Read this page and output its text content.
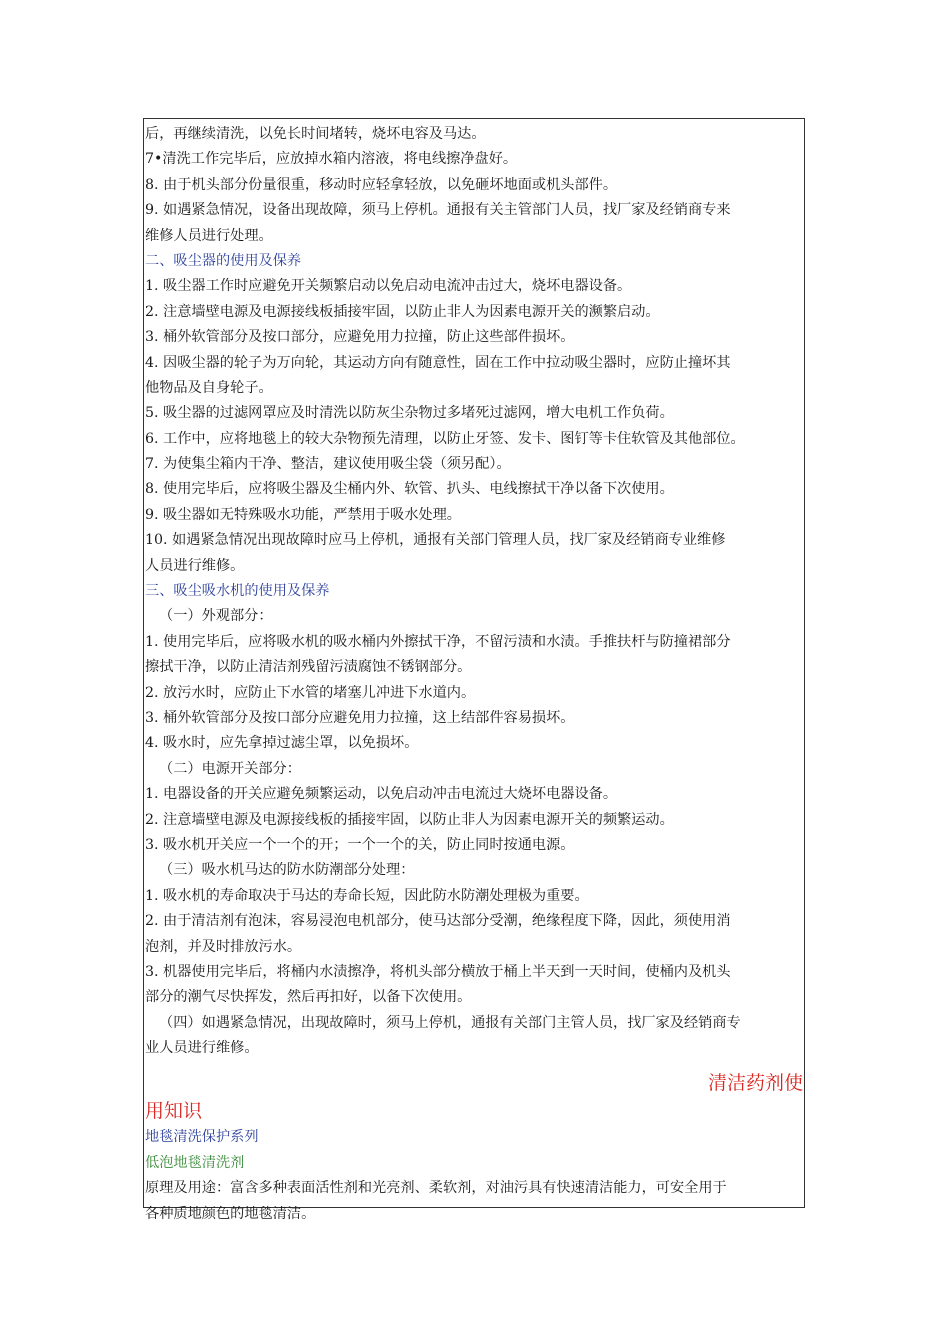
后，再继续清洗，以免长时间堵转，烧坏电容及马达。
7•清洗工作完毕后，应放掉水箱内溶液，将电线擦净盘好。
8. 由于机头部分份量很重，移动时应轻拿轻放，以免砸坏地面或机头部件。
9. 如遇紧急情况，设备出现故障，须马上停机。通报有关主管部门人员，找厂家及经销商专来
维修人员进行处理。
二、吸尘器的使用及保养
1. 吸尘器工作时应避免开关频繁启动以免启动电流冲击过大，烧坏电器设备。
2. 注意墙壁电源及电源接线板插接牢固，以防止非人为因素电源开关的濒繁启动。
3. 桶外软管部分及按口部分，应避免用力拉撞，防止这些部件损坏。
4. 因吸尘器的轮子为万向轮，其运动方向有随意性，固在工作中拉动吸尘器时，应防止撞坏其
他物品及自身轮子。
5. 吸尘器的过滤网罩应及时清洗以防灰尘杂物过多堵死过滤网，增大电机工作负荷。
6. 工作中，应将地毯上的较大杂物预先清理，以防止牙签、发卡、图钉等卡住软管及其他部位。
7. 为使集尘箱内干净、整洁，建议使用吸尘袋（须另配）。
8. 使用完毕后，应将吸尘器及尘桶内外、软管、扒头、电线擦拭干净以备下次使用。
9. 吸尘器如无特殊吸水功能，严禁用于吸水处理。
10. 如遇紧急情况出现故障时应马上停机，通报有关部门管理人员，找厂家及经销商专业维修
人员进行维修。
三、吸尘吸水机的使用及保养
（一）外观部分：
1. 使用完毕后，应将吸水机的吸水桶内外擦拭干净，不留污渍和水渍。手推扶杆与防撞裙部分
擦拭干净，以防止清洁剂残留污渍腐蚀不锈钢部分。
2. 放污水时，应防止下水管的堵塞儿冲进下水道内。
3. 桶外软管部分及按口部分应避免用力拉撞，这上结部件容易损坏。
4. 吸水时，应先拿掉过滤尘罩，以免损坏。
（二）电源开关部分：
1. 电器设备的开关应避免频繁运动，以免启动冲击电流过大烧坏电器设备。
2. 注意墙壁电源及电源接线板的插接牢固，以防止非人为因素电源开关的频繁运动。
3. 吸水机开关应一个一个的开；一个一个的关，防止同时按通电源。
（三）吸水机马达的防水防潮部分处理：
1. 吸水机的寿命取决于马达的寿命长短，因此防水防潮处理极为重要。
2. 由于清洁剂有泡沫，容易浸泡电机部分，使马达部分受潮，绝缘程度下降，因此，须使用消
泡剂，并及时排放污水。
3. 机器使用完毕后，将桶内水渍擦净，将机头部分横放于桶上半天到一天时间，使桶内及机头
部分的潮气尽快挥发，然后再扣好，以备下次使用。
（四）如遇紧急情况，出现故障时，须马上停机，通报有关部门主管人员，找厂家及经销商专
业人员进行维修。
清洁药剂使
用知识
地毯清洗保护系列
低泡地毯清洗剂
原理及用途：富含多种表面活性剂和光亮剂、柔软剂，对油污具有快速清洁能力，可安全用于
各种质地颜色的地毯清洁。
